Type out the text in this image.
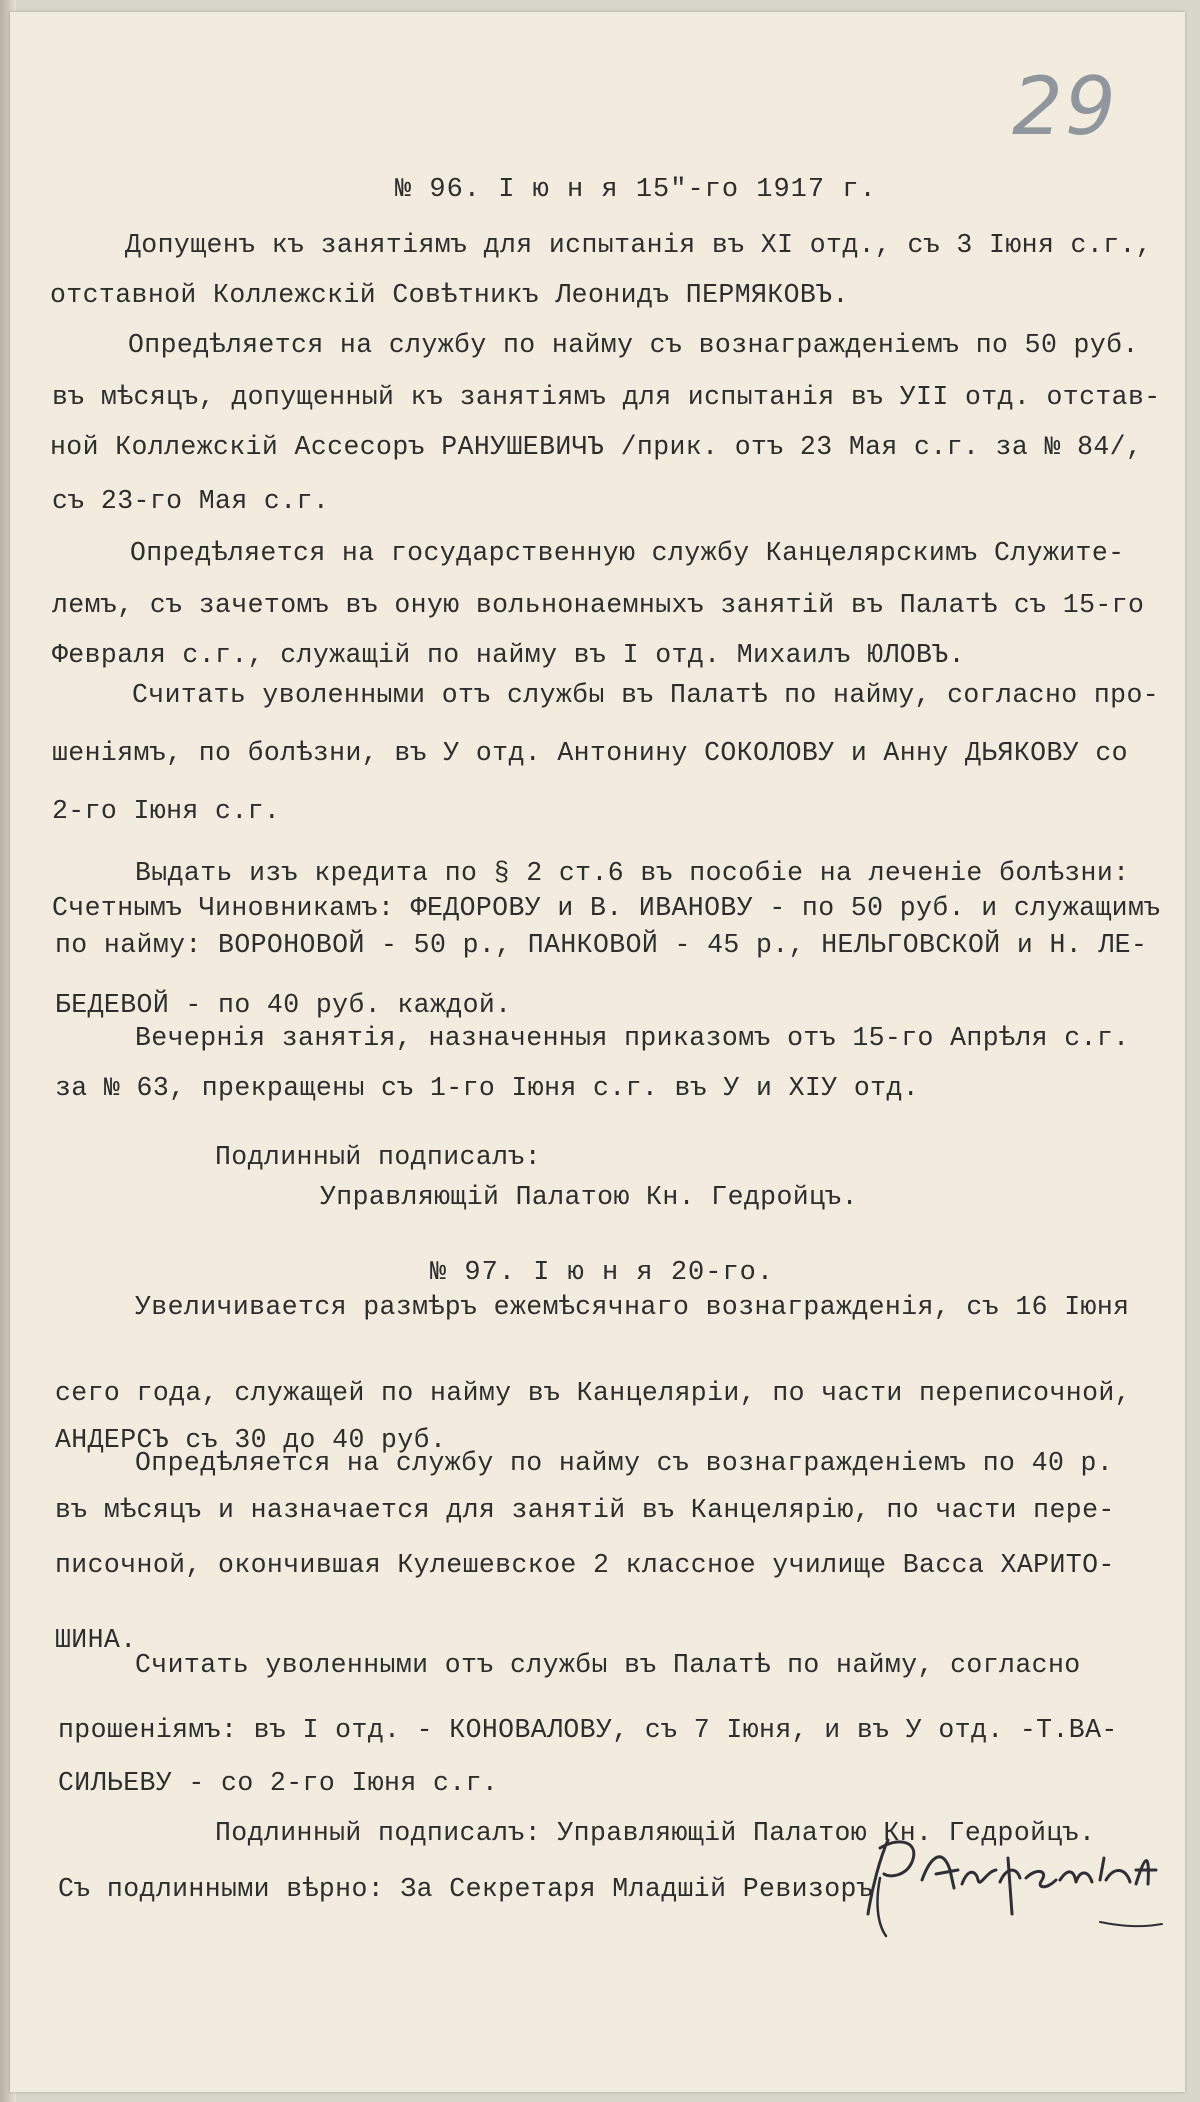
29
№ 96. І ю н я 15"-го 1917 г.
Допущенъ къ занятiямъ для испытанiя въ XI отд., съ 3 Iюня с.г.,
отставной Коллежскiй Совѣтникъ Леонидъ ПЕРМЯКОВЪ.
Опредѣляется на службу по найму съ вознагражденiемъ по 50 руб.
въ мѣсяцъ, допущенный къ занятiямъ для испытанiя въ УII отд. отстав-
ной Коллежскiй Ассесоръ РАНУШЕВИЧЪ /прик. отъ 23 Мая с.г. за № 84/,
съ 23-го Мая с.г.
Опредѣляется на государственную службу Канцелярскимъ Служите-
лемъ, съ зачетомъ въ оную вольнонаемныхъ занятiй въ Палатѣ съ 15-го
Февраля с.г., служащiй по найму въ I отд. Михаилъ ЮЛОВЪ.
Считать уволенными отъ службы въ Палатѣ по найму, согласно про-
шенiямъ, по болѣзни, въ У отд. Антонину СОКОЛОВУ и Анну ДЬЯКОВУ со
2-го Iюня с.г.
Выдать изъ кредита по § 2 ст.6 въ пособiе на леченiе болѣзни:
Счетнымъ Чиновникамъ: ФЕДОРОВУ и В. ИВАНОВУ - по 50 руб. и служащимъ
по найму: ВОРОНОВОЙ - 50 р., ПАНКОВОЙ - 45 р., НЕЛЬГОВСКОЙ и Н. ЛЕ-
БЕДЕВОЙ - по 40 руб. каждой.
Вечернiя занятiя, назначенныя приказомъ отъ 15-го Апрѣля с.г.
за № 63, прекращены съ 1-го Iюня с.г. въ У и XIУ отд.
Подлинный подписалъ:
Управляющiй Палатою Кн. Гедройцъ.
№ 97. І ю н я 20-го.
Увеличивается размѣръ ежемѣсячнаго вознагражденiя, съ 16 Iюня
сего года, служащей по найму въ Канцелярiи, по части переписочной,
АНДЕРСЪ съ 30 до 40 руб.
Опредѣляется на службу по найму съ вознагражденiемъ по 40 р.
въ мѣсяцъ и назначается для занятiй въ Канцелярiю, по части пере-
писочной, окончившая Кулешевское 2 классное училище Васса ХАРИТО-
ШИНА.
Считать уволенными отъ службы въ Палатѣ по найму, согласно
прошенiямъ: въ I отд. - КОНОВАЛОВУ, съ 7 Iюня, и въ У отд. -Т.ВА-
СИЛЬЕВУ - со 2-го Iюня с.г.
Подлинный подписалъ: Управляющiй Палатою Кн. Гедройцъ.
Съ подлинными вѣрно: За Секретаря Младшiй Ревизоръ
